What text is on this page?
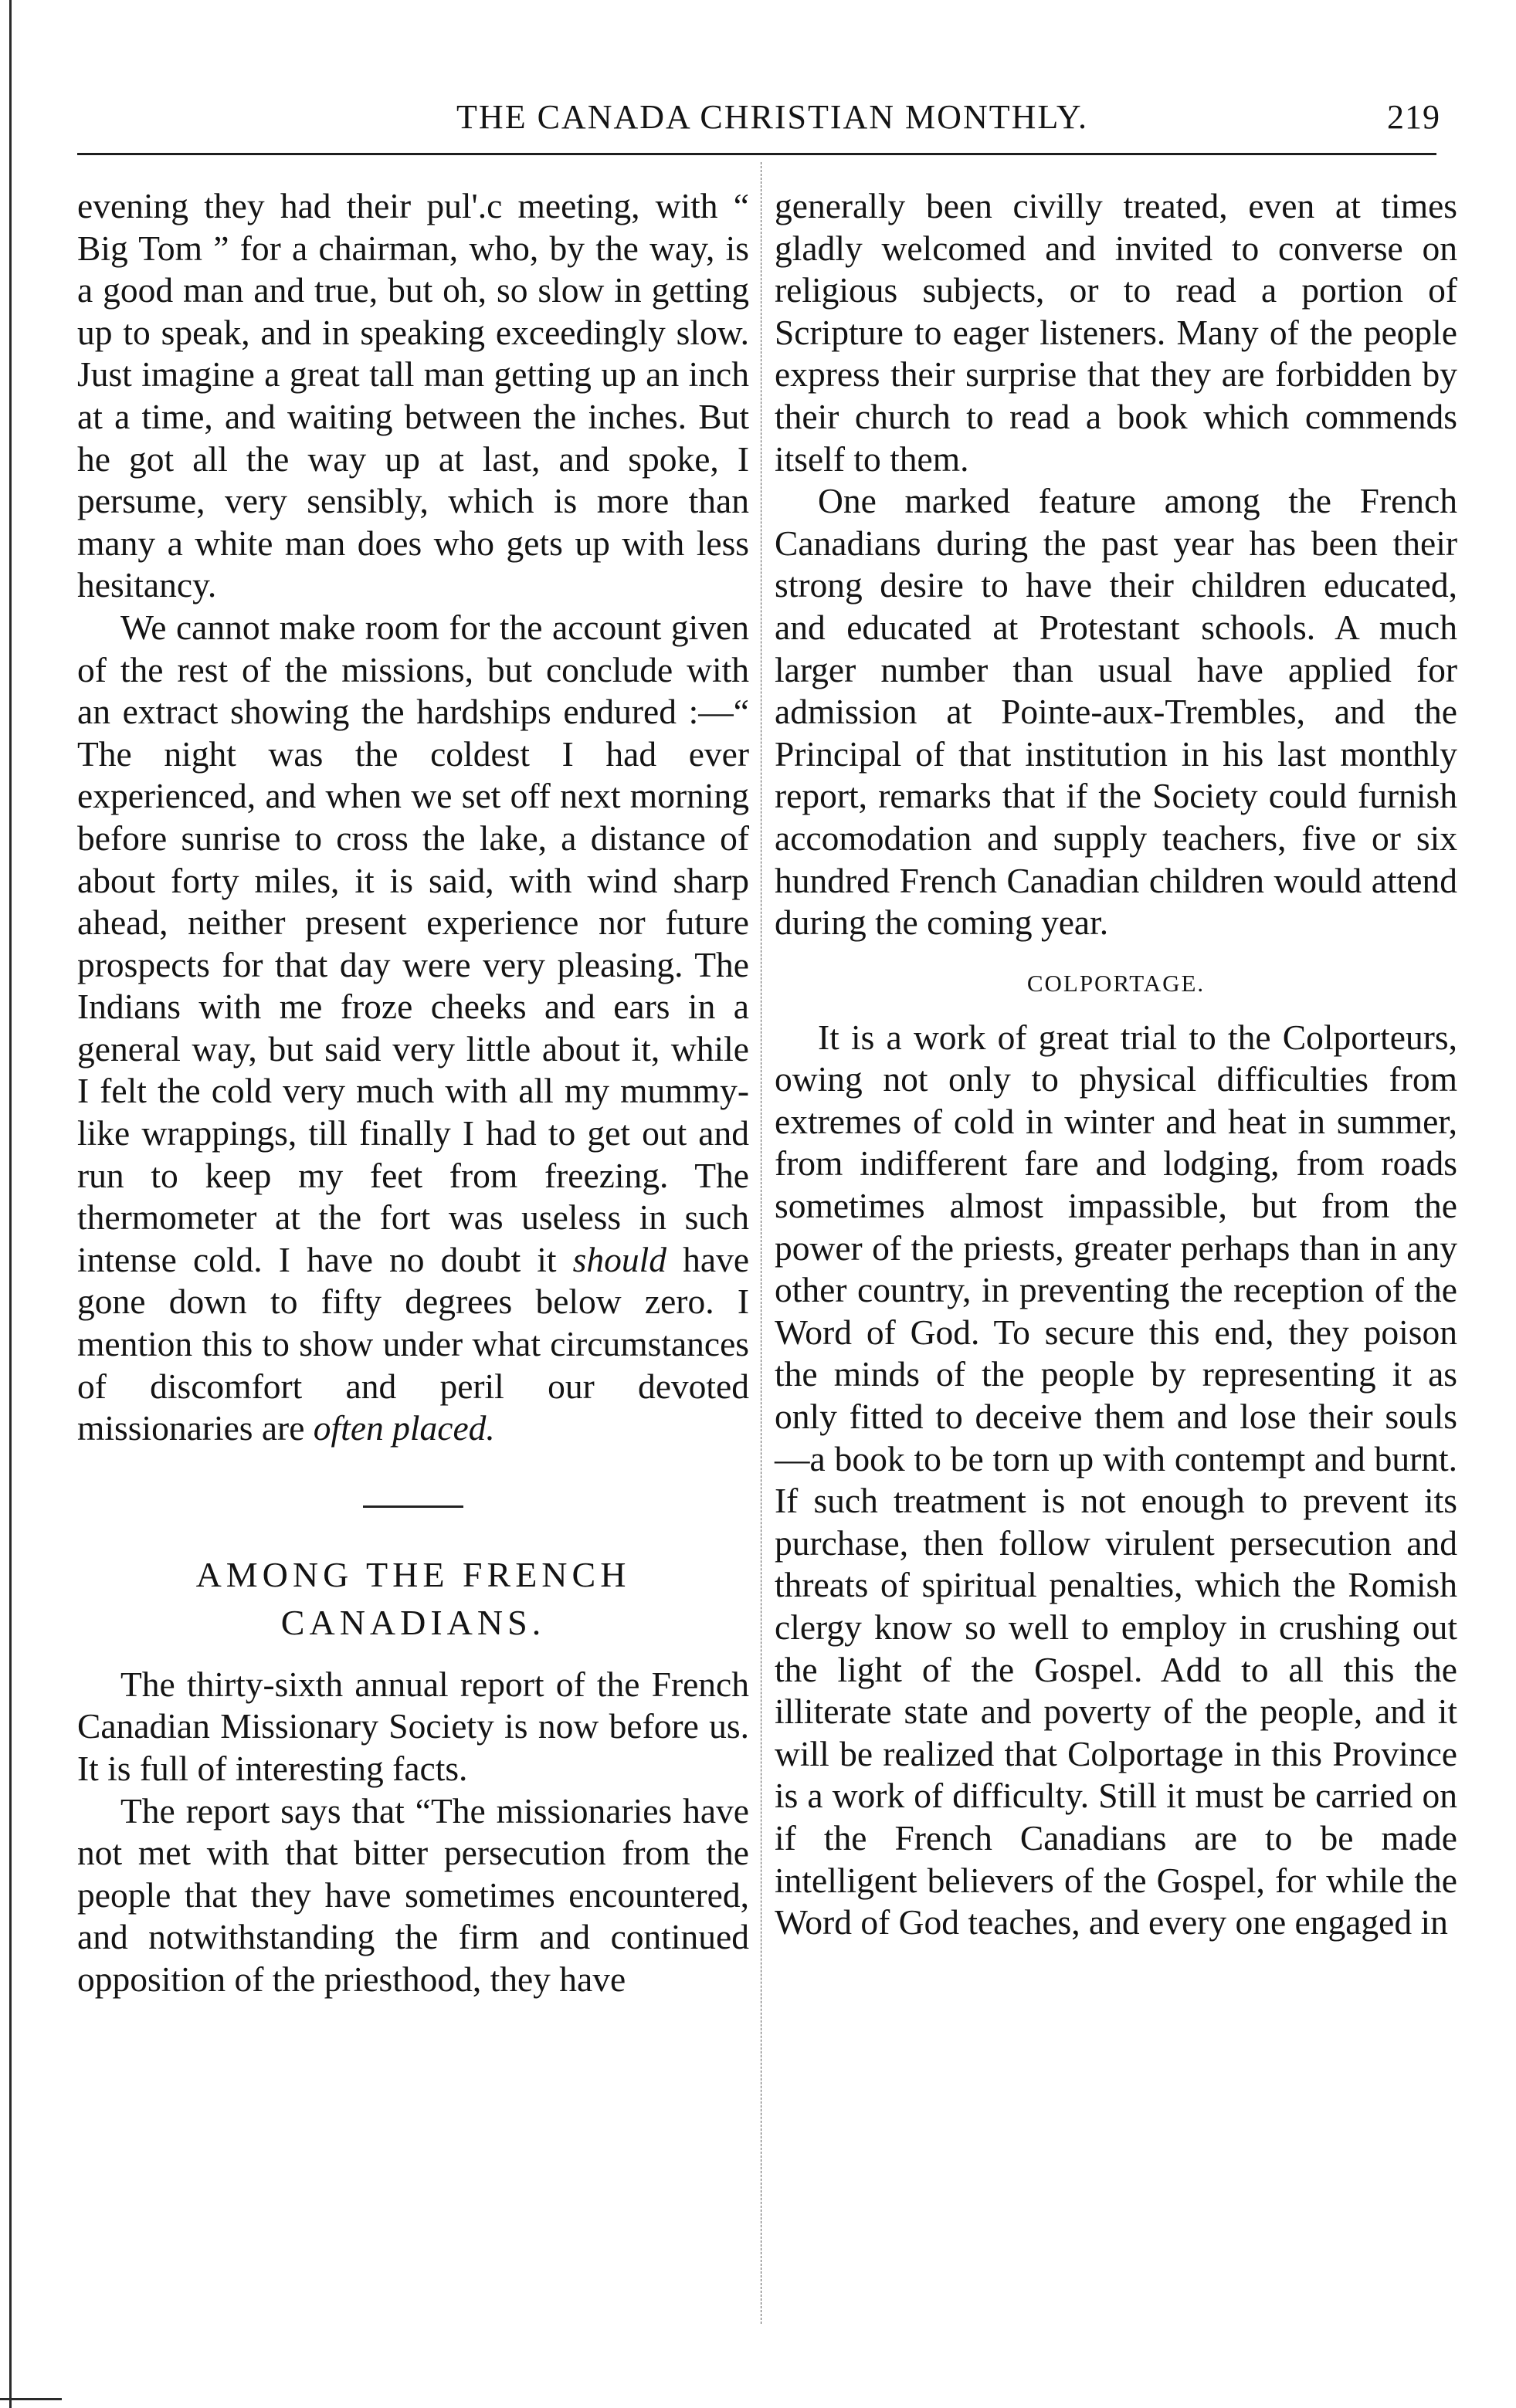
THE CANADA CHRISTIAN MONTHLY.	219

evening they had their pul'.c meeting, with “ Big Tom ” for a chairman, who, by the way, is a good man and true, but oh, so slow in getting up to speak, and in speaking exceedingly slow. Just imagine a great tall man getting up an inch at a time, and waiting between the inches. But he got all the way up at last, and spoke, I persume, very sensibly, which is more than many a white man does who gets up with less hesitancy.

We cannot make room for the account given of the rest of the missions, but conclude with an extract showing the hardships endured :—“ The night was the coldest I had ever experienced, and when we set off next morning before sunrise to cross the lake, a distance of about forty miles, it is said, with wind sharp ahead, neither present experience nor future prospects for that day were very pleasing. The Indians with me froze cheeks and ears in a general way, but said very little about it, while I felt the cold very much with all my mummy-like wrappings, till finally I had to get out and run to keep my feet from freezing. The thermometer at the fort was useless in such intense cold. I have no doubt it should have gone down to fifty degrees below zero. I mention this to show under what circumstances of discomfort and peril our devoted missionaries are often placed.

AMONG THE FRENCH
CANADIANS.

The thirty-sixth annual report of the French Canadian Missionary Society is now before us. It is full of interesting facts.

The report says that “The missionaries have not met with that bitter persecution from the people that they have sometimes encountered, and notwithstanding the firm and continued opposition of the priesthood, they have

generally been civilly treated, even at times gladly welcomed and invited to converse on religious subjects, or to read a portion of Scripture to eager listeners. Many of the people express their surprise that they are forbidden by their church to read a book which commends itself to them.

One marked feature among the French Canadians during the past year has been their strong desire to have their children educated, and educated at Protestant schools. A much larger number than usual have applied for admission at Pointe-aux-Trembles, and the Principal of that institution in his last monthly report, remarks that if the Society could furnish accomodation and supply teachers, five or six hundred French Canadian children would attend during the coming year.

COLPORTAGE.

It is a work of great trial to the Colporteurs, owing not only to physical difficulties from extremes of cold in winter and heat in summer, from indifferent fare and lodging, from roads sometimes almost impassible, but from the power of the priests, greater perhaps than in any other country, in preventing the reception of the Word of God. To secure this end, they poison the minds of the people by representing it as only fitted to deceive them and lose their souls—a book to be torn up with contempt and burnt. If such treatment is not enough to prevent its purchase, then follow virulent persecution and threats of spiritual penalties, which the Romish clergy know so well to employ in crushing out the light of the Gospel. Add to all this the illiterate state and poverty of the people, and it will be realized that Colportage in this Province is a work of difficulty. Still it must be carried on if the French Canadians are to be made intelligent believers of the Gospel, for while the Word of God teaches, and every one engaged in
